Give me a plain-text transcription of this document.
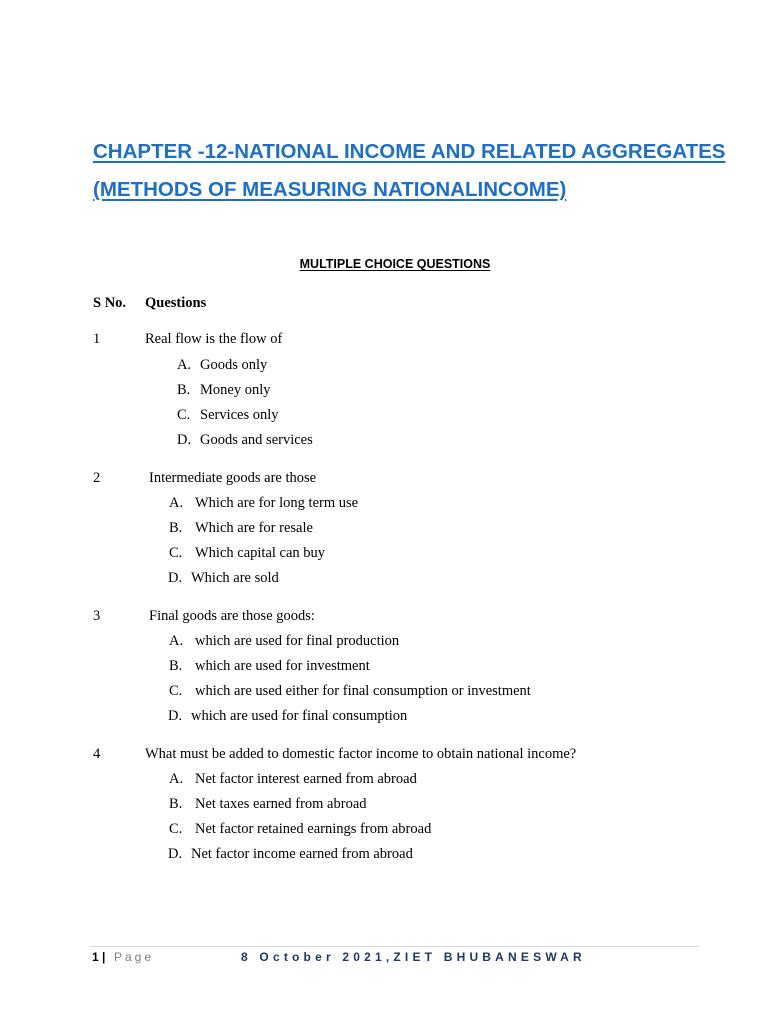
CHAPTER -12-NATIONAL INCOME AND RELATED AGGREGATES
(METHODS OF MEASURING NATIONALINCOME)
MULTIPLE CHOICE QUESTIONS
S No. Questions
1	Real flow is the flow of
A. Goods only
B. Money only
C. Services only
D. Goods and services
2	Intermediate goods are those
A. Which are for long term use
B. Which are for resale
C. Which capital can buy
D. Which are sold
3	Final goods are those goods:
A. which are used for final production
B. which are used for investment
C. which are used either for final consumption or investment
D. which are used for final consumption
4	What must be added to domestic factor income to obtain national income?
A. Net factor interest earned from abroad
B. Net taxes earned from abroad
C. Net factor retained earnings from abroad
D. Net factor income earned from abroad
1 | Page	8 October 2021,ZIET BHUBANESWAR
